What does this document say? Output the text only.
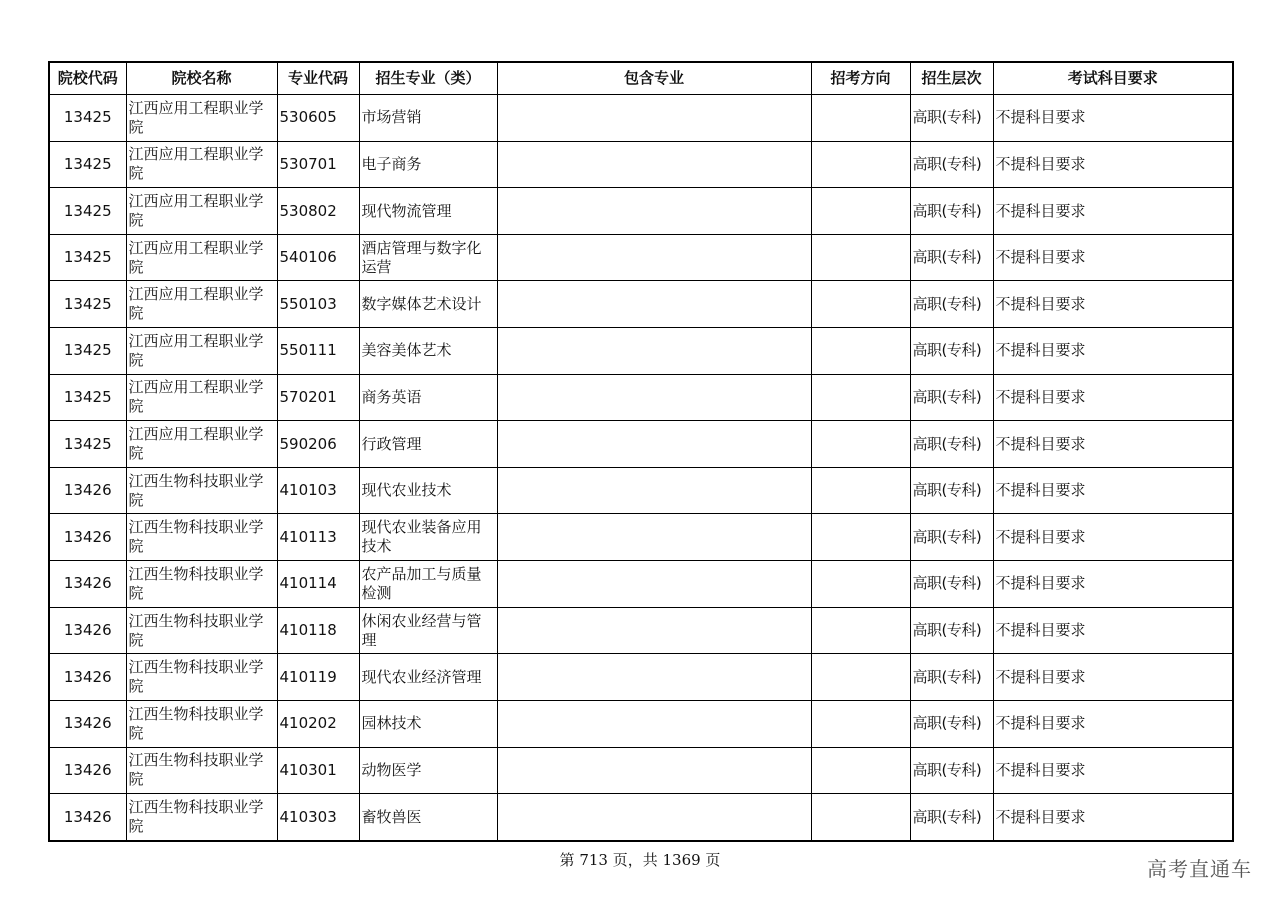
院校代码	院校名称	专业代码	招生专业（类）	包含专业	招考方向	招生层次	考试科目要求
13425	江西应用工程职业学院	530605	市场营销			高职(专科)	不提科目要求
13425	江西应用工程职业学院	530701	电子商务			高职(专科)	不提科目要求
13425	江西应用工程职业学院	530802	现代物流管理			高职(专科)	不提科目要求
13425	江西应用工程职业学院	540106	酒店管理与数字化运营			高职(专科)	不提科目要求
13425	江西应用工程职业学院	550103	数字媒体艺术设计			高职(专科)	不提科目要求
13425	江西应用工程职业学院	550111	美容美体艺术			高职(专科)	不提科目要求
13425	江西应用工程职业学院	570201	商务英语			高职(专科)	不提科目要求
13425	江西应用工程职业学院	590206	行政管理			高职(专科)	不提科目要求
13426	江西生物科技职业学院	410103	现代农业技术			高职(专科)	不提科目要求
13426	江西生物科技职业学院	410113	现代农业装备应用技术			高职(专科)	不提科目要求
13426	江西生物科技职业学院	410114	农产品加工与质量检测			高职(专科)	不提科目要求
13426	江西生物科技职业学院	410118	休闲农业经营与管理			高职(专科)	不提科目要求
13426	江西生物科技职业学院	410119	现代农业经济管理			高职(专科)	不提科目要求
13426	江西生物科技职业学院	410202	园林技术			高职(专科)	不提科目要求
13426	江西生物科技职业学院	410301	动物医学			高职(专科)	不提科目要求
13426	江西生物科技职业学院	410303	畜牧兽医			高职(专科)	不提科目要求
第 713 页，共 1369 页	高考直通车
